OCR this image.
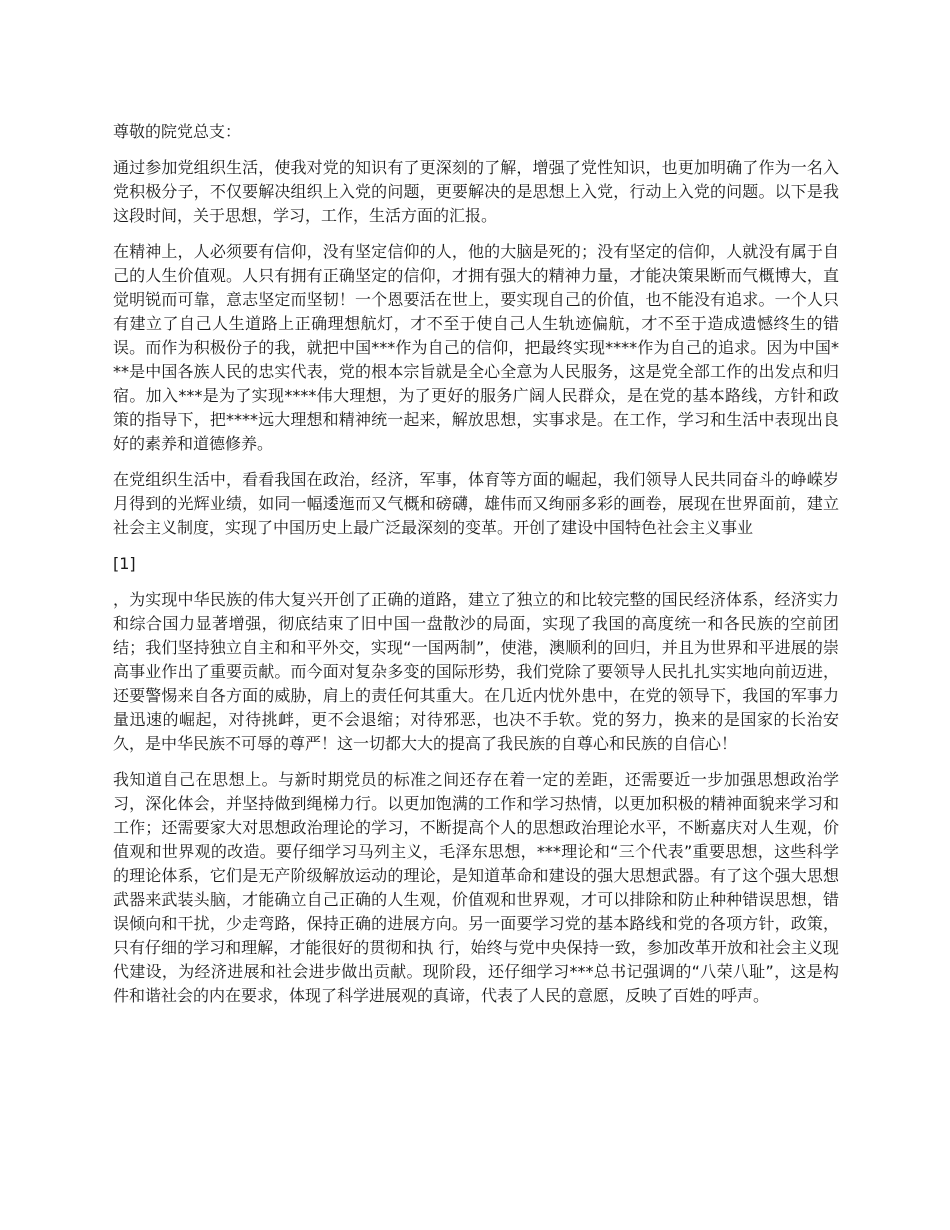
尊敬的院党总支：

通过参加党组织生活，使我对党的知识有了更深刻的了解，增强了党性知识，也更加明确了作为一名入党积极分子，不仅要解决组织上入党的问题，更要解决的是思想上入党，行动上入党的问题。以下是我这段时间，关于思想，学习，工作，生活方面的汇报。

在精神上，人必须要有信仰，没有坚定信仰的人，他的大脑是死的；没有坚定的信仰，人就没有属于自己的人生价值观。人只有拥有正确坚定的信仰，才拥有强大的精神力量，才能决策果断而气概博大，直觉明锐而可靠，意志坚定而坚韧！一个恩要活在世上，要实现自己的价值，也不能没有追求。一个人只有建立了自己人生道路上正确理想航灯，才不至于使自己人生轨迹偏航，才不至于造成遗憾终生的错误。而作为积极份子的我，就把中国***作为自己的信仰，把最终实现****作为自己的追求。因为中国***是中国各族人民的忠实代表，党的根本宗旨就是全心全意为人民服务，这是党全部工作的出发点和归宿。加入***是为了实现****伟大理想，为了更好的服务广阔人民群众，是在党的基本路线，方针和政策的指导下，把****远大理想和精神统一起来，解放思想，实事求是。在工作，学习和生活中表现出良好的素养和道德修养。

在党组织生活中，看看我国在政治，经济，军事，体育等方面的崛起，我们领导人民共同奋斗的峥嵘岁月得到的光辉业绩，如同一幅逶迤而又气概和磅礴，雄伟而又绚丽多彩的画卷，展现在世界面前，建立社会主义制度，实现了中国历史上最广泛最深刻的变革。开创了建设中国特色社会主义事业

[1]

，为实现中华民族的伟大复兴开创了正确的道路，建立了独立的和比较完整的国民经济体系，经济实力和综合国力显著增强，彻底结束了旧中国一盘散沙的局面，实现了我国的高度统一和各民族的空前团结；我们坚持独立自主和和平外交，实现“一国两制”，使港，澳顺利的回归，并且为世界和平进展的崇高事业作出了重要贡献。而今面对复杂多变的国际形势，我们党除了要领导人民扎扎实实地向前迈进，还要警惕来自各方面的威胁，肩上的责任何其重大。在几近内忧外患中，在党的领导下，我国的军事力量迅速的崛起，对待挑衅，更不会退缩；对待邪恶，也决不手软。党的努力，换来的是国家的长治安久，是中华民族不可辱的尊严！这一切都大大的提高了我民族的自尊心和民族的自信心！

我知道自己在思想上。与新时期党员的标准之间还存在着一定的差距，还需要近一步加强思想政治学习，深化体会，并坚持做到绳梯力行。以更加饱满的工作和学习热情，以更加积极的精神面貌来学习和工作；还需要家大对思想政治理论的学习，不断提高个人的思想政治理论水平，不断嘉庆对人生观，价值观和世界观的改造。要仔细学习马列主义，毛泽东思想，***理论和“三个代表”重要思想，这些科学的理论体系，它们是无产阶级解放运动的理论，是知道革命和建设的强大思想武器。有了这个强大思想武器来武装头脑，才能确立自己正确的人生观，价值观和世界观，才可以排除和防止种种错误思想，错误倾向和干扰，少走弯路，保持正确的进展方向。另一面要学习党的基本路线和党的各项方针，政策，只有仔细的学习和理解，才能很好的贯彻和执 行，始终与党中央保持一致，参加改革开放和社会主义现代建设，为经济进展和社会进步做出贡献。现阶段，还仔细学习***总书记强调的“八荣八耻”，这是构件和谐社会的内在要求，体现了科学进展观的真谛，代表了人民的意愿，反映了百姓的呼声。
